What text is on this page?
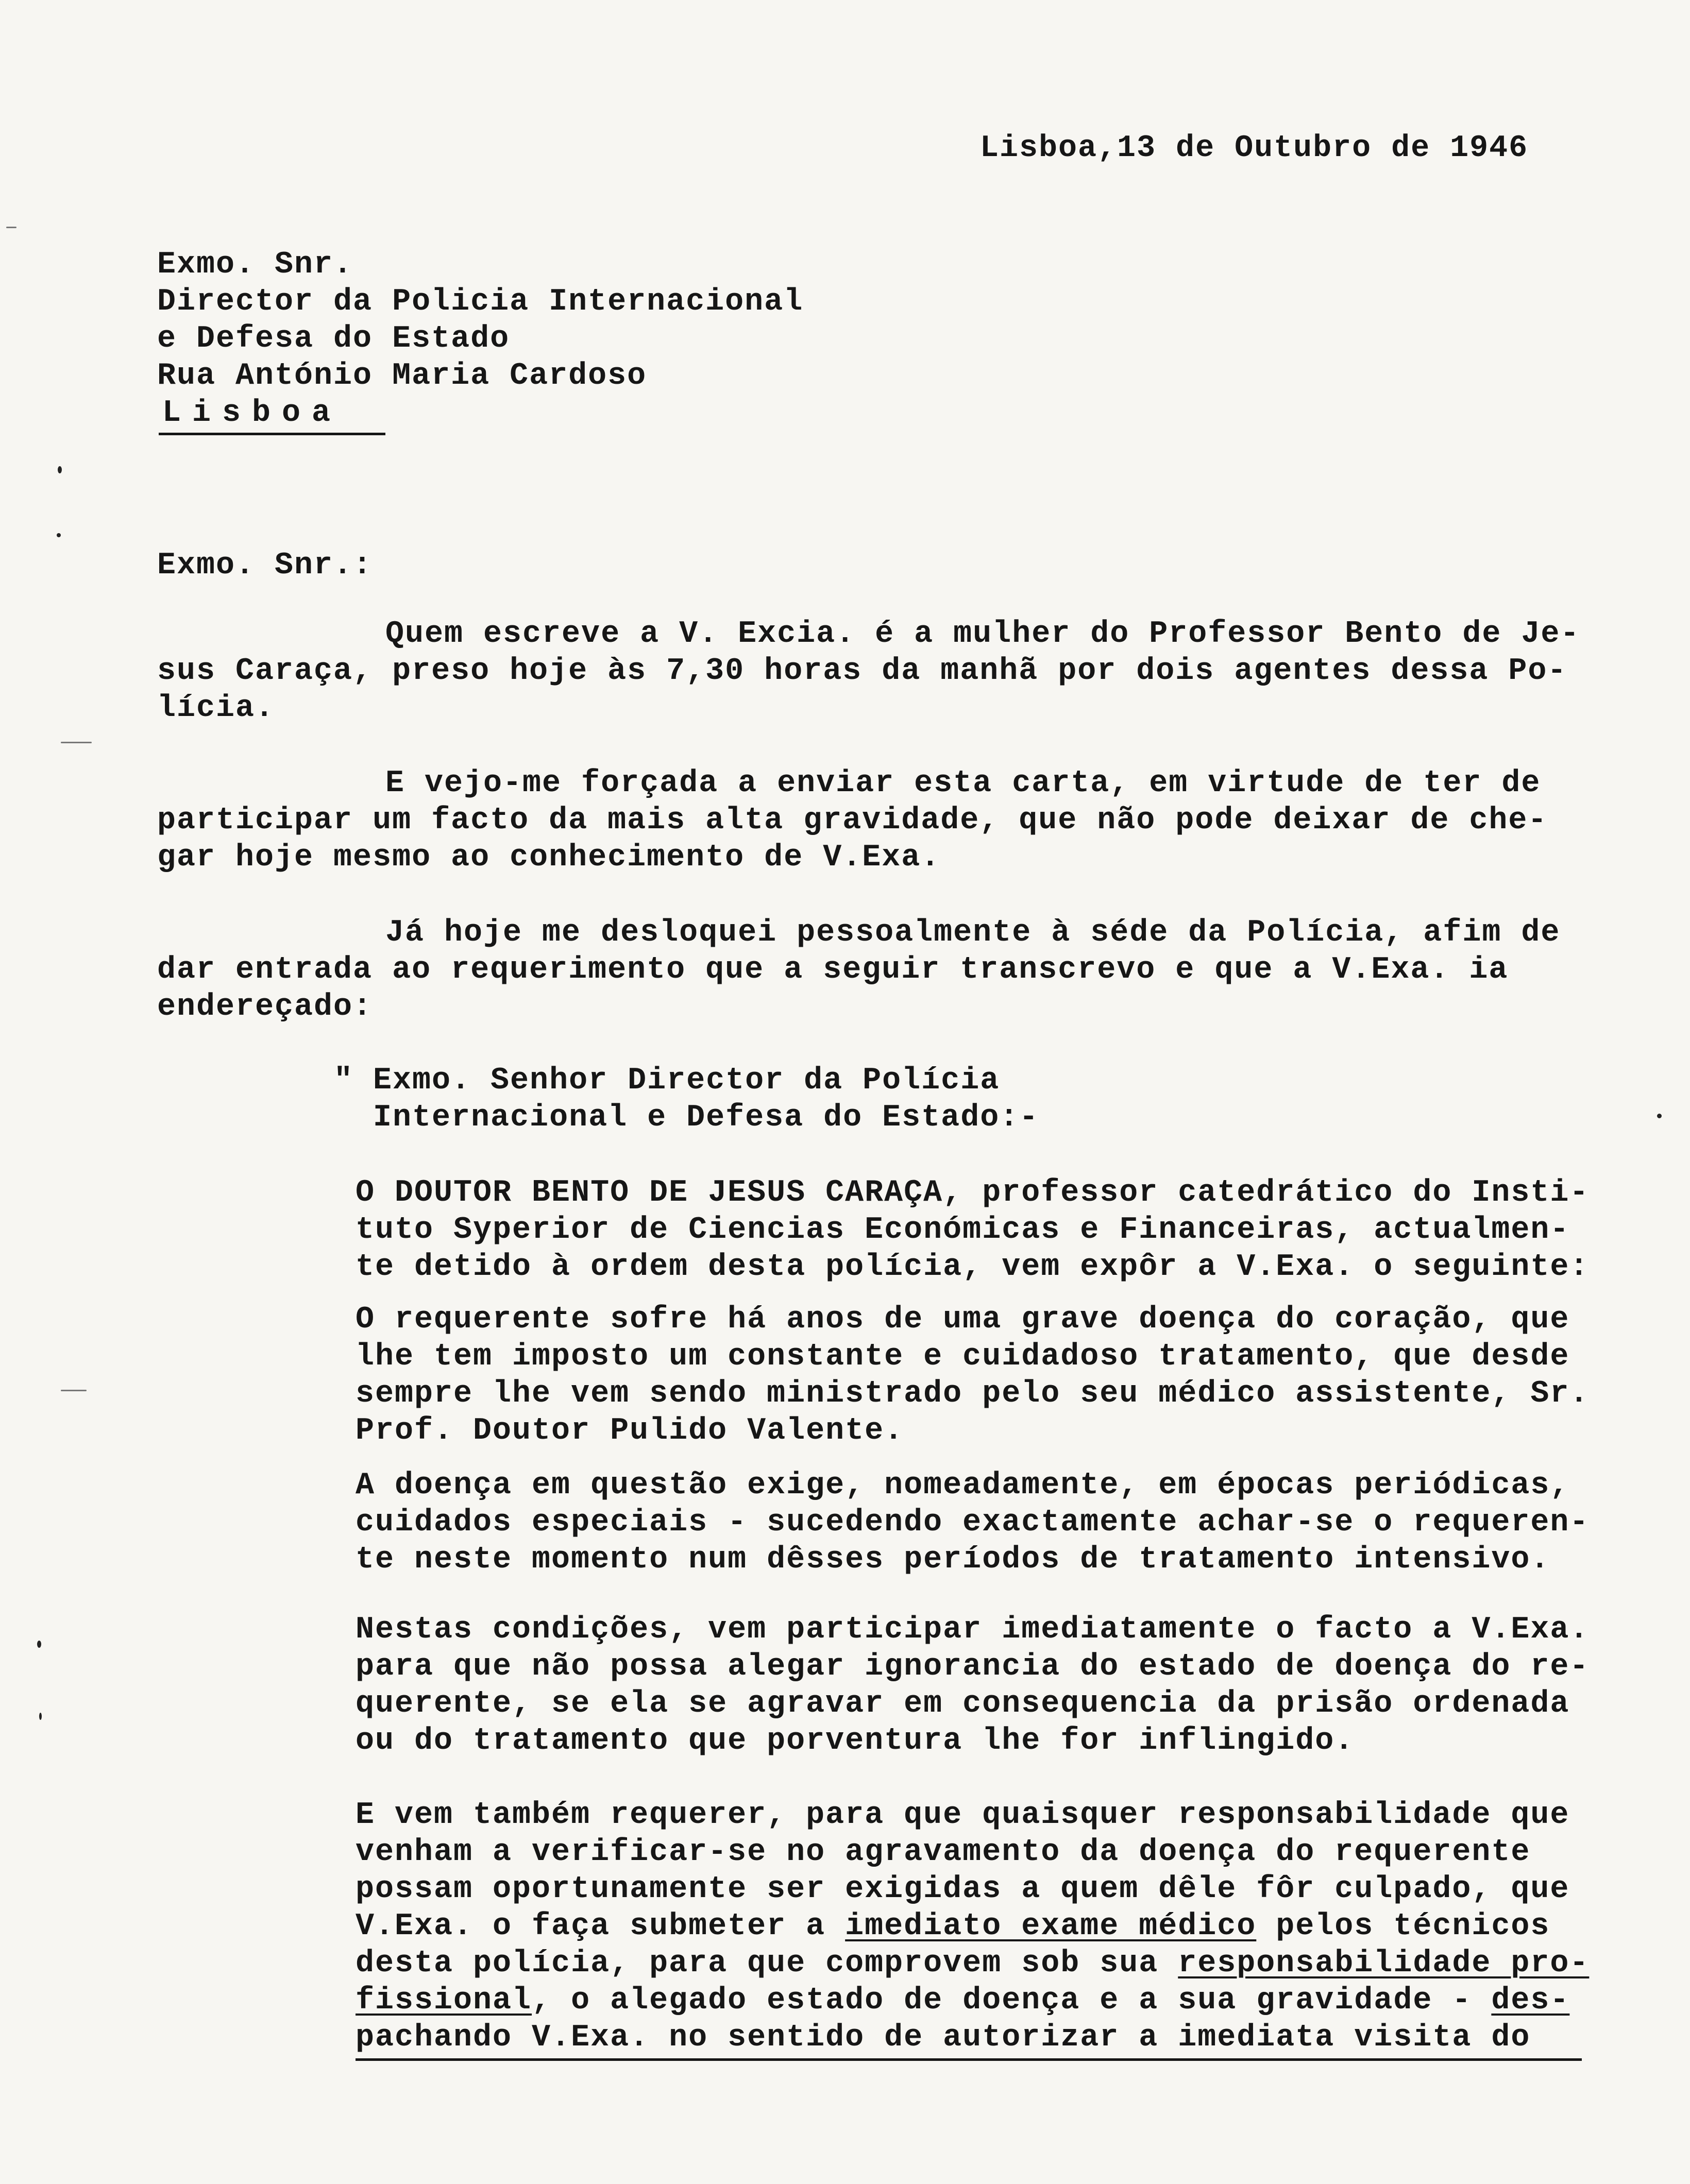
Lisboa,13 de Outubro de 1946
Exmo. Snr.
Director da Policia Internacional
e Defesa do Estado
Rua António Maria Cardoso
Lisboa
Exmo. Snr.:
Quem escreve a V. Excia. é a mulher do Professor Bento de Je-
sus Caraça, preso hoje às 7,30 horas da manhã por dois agentes dessa Po-
lícia.
E vejo-me forçada a enviar esta carta, em virtude de ter de
participar um facto da mais alta gravidade, que não pode deixar de che-
gar hoje mesmo ao conhecimento de V.Exa.
Já hoje me desloquei pessoalmente à séde da Polícia, afim de
dar entrada ao requerimento que a seguir transcrevo e que a V.Exa. ia
endereçado:
" Exmo. Senhor Director da Polícia
Internacional e Defesa do Estado:-
O DOUTOR BENTO DE JESUS CARAÇA, professor catedrático do Insti-
tuto Syperior de Ciencias Económicas e Financeiras, actualmen-
te detido à ordem desta polícia, vem expôr a V.Exa. o seguinte:
O requerente sofre há anos de uma grave doença do coração, que
lhe tem imposto um constante e cuidadoso tratamento, que desde
sempre lhe vem sendo ministrado pelo seu médico assistente, Sr.
Prof. Doutor Pulido Valente.
A doença em questão exige, nomeadamente, em épocas periódicas,
cuidados especiais - sucedendo exactamente achar-se o requeren-
te neste momento num dêsses períodos de tratamento intensivo.
Nestas condições, vem participar imediatamente o facto a V.Exa.
para que não possa alegar ignorancia do estado de doença do re-
querente, se ela se agravar em consequencia da prisão ordenada
ou do tratamento que porventura lhe for inflingido.
E vem também requerer, para que quaisquer responsabilidade que
venham a verificar-se no agravamento da doença do requerente
possam oportunamente ser exigidas a quem dêle fôr culpado, que
V.Exa. o faça submeter a imediato exame médico pelos técnicos
desta polícia, para que comprovem sob sua responsabilidade pro-
fissional, o alegado estado de doença e a sua gravidade - des-
pachando V.Exa. no sentido de autorizar a imediata visita do
